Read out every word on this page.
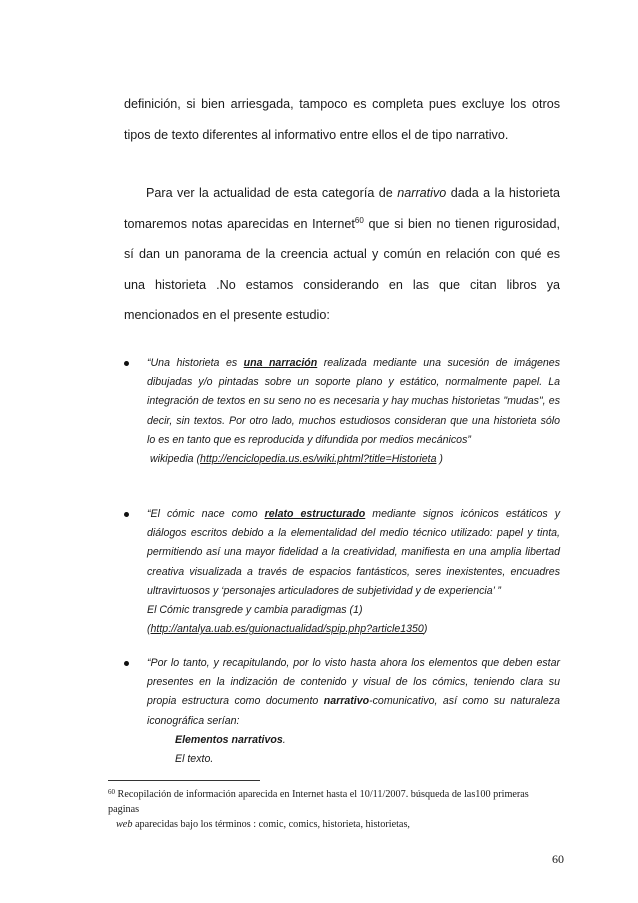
definición, si bien arriesgada, tampoco es completa pues excluye los otros
tipos de texto diferentes al informativo entre ellos el de tipo narrativo.
Para ver la actualidad de esta categoría de narrativo dada a la historieta
tomaremos notas aparecidas en Internet$^{60}$ que si bien no tienen rigurosidad,
sí dan un panorama de la creencia actual y común en relación con qué es
una historieta .No estamos considerando en las que citan libros ya
mencionados en el presente estudio:
“Una historieta es una narración realizada mediante una sucesión de imágenes
dibujadas y/o pintadas sobre un soporte plano y estático, normalmente papel. La
integración de textos en su seno no es necesaria y hay muchas historietas "mudas", es
decir, sin textos. Por otro lado, muchos estudiosos consideran que una historieta sólo
lo es en tanto que es reproducida y difundida por medios mecánicos”
wikipedia (http://enciclopedia.us.es/wiki.phtml?title=Historieta )
“El cómic nace como relato estructurado mediante signos icónicos estáticos y
diálogos escritos debido a la elementalidad del medio técnico utilizado: papel y tinta,
permitiendo así una mayor fidelidad a la creatividad, manifiesta en una amplia libertad
creativa visualizada a través de espacios fantásticos, seres inexistentes, encuadres
ultravirtuosos y ‘personajes articuladores de subjetividad y de experiencia’ ”
El Cómic transgrede y cambia paradigmas (1)
(http://antalya.uab.es/guionactualidad/spip.php?article1350)
“Por lo tanto, y recapitulando, por lo visto hasta ahora los elementos que deben estar
presentes en la indización de contenido y visual de los cómics, teniendo clara su
propia estructura como documento narrativo-comunicativo, así como su naturaleza
iconográfica serían:
Elementos narrativos.
El texto.
$^{60}$ Recopilación de información aparecida en Internet hasta el 10/11/2007. búsqueda de las100 primeras
paginas
web aparecidas bajo los términos : comic, comics, historieta, historietas,
60
